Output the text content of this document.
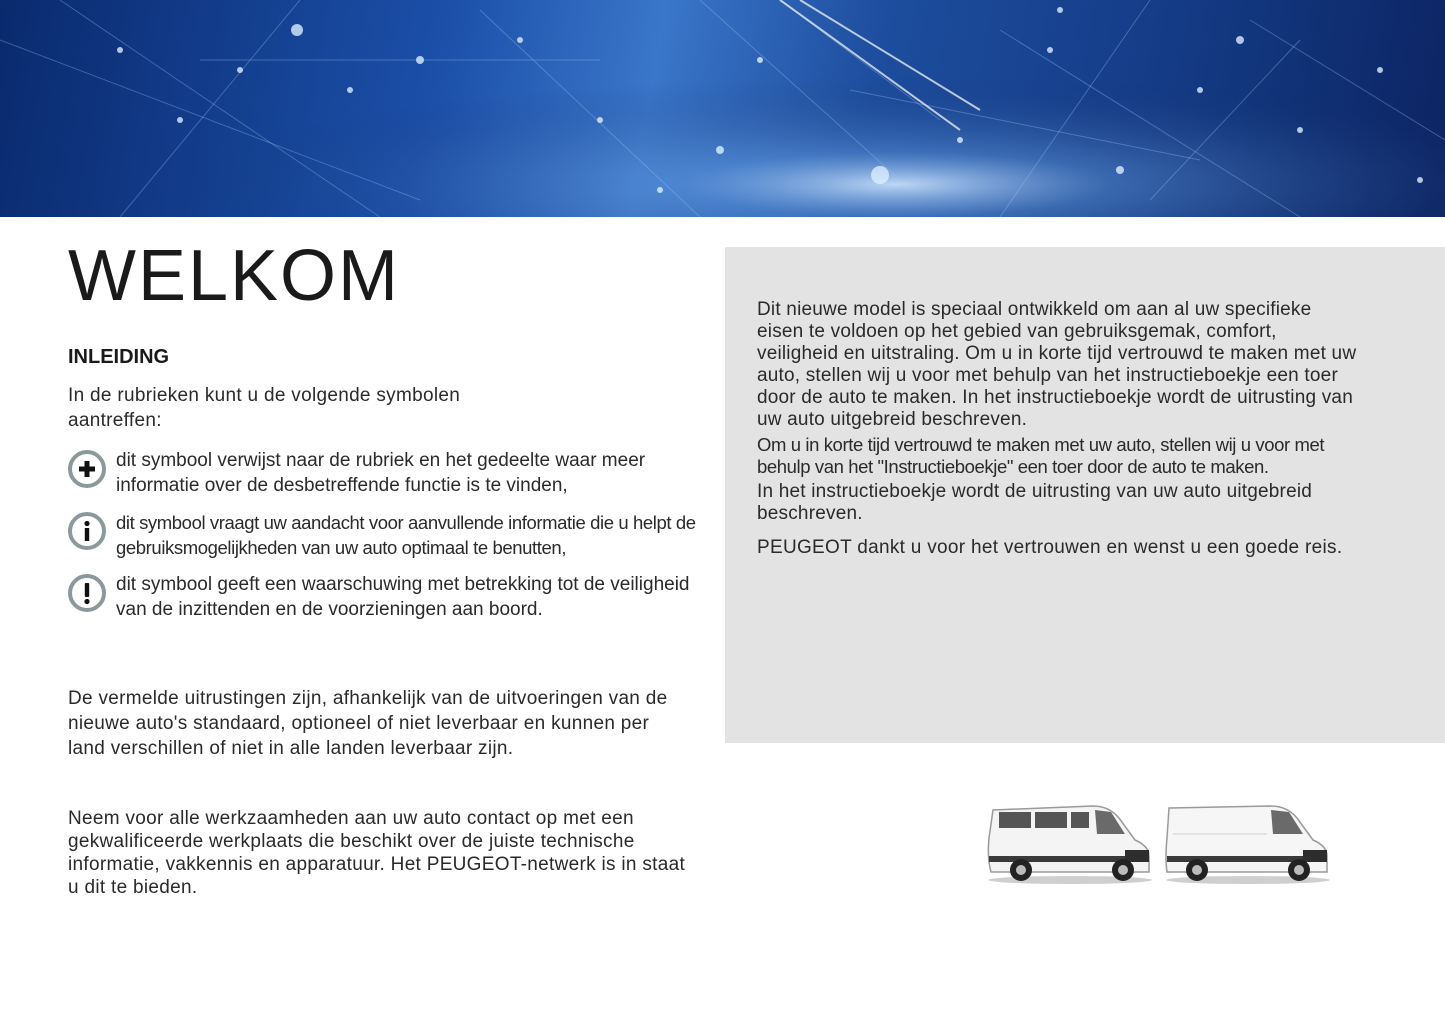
WELKOM
INLEIDING

In de rubrieken kunt u de volgende symbolen aantreffen:

dit symbool verwijst naar de rubriek en het gedeelte waar meer informatie over de desbetreffende functie is te vinden,

dit symbool vraagt uw aandacht voor aanvullende informatie die u helpt de gebruiksmogelijkheden van uw auto optimaal te benutten,

dit symbool geeft een waarschuwing met betrekking tot de veiligheid van de inzittenden en de voorzieningen aan boord.

De vermelde uitrustingen zijn, afhankelijk van de uitvoeringen van de nieuwe auto's standaard, optioneel of niet leverbaar en kunnen per land verschillen of niet in alle landen leverbaar zijn.

Neem voor alle werkzaamheden aan uw auto contact op met een gekwalificeerde werkplaats die beschikt over de juiste technische informatie, vakkennis en apparatuur. Het PEUGEOT-netwerk is in staat u dit te bieden.

Dit nieuwe model is speciaal ontwikkeld om aan al uw specifieke eisen te voldoen op het gebied van gebruiksgemak, comfort, veiligheid en uitstraling. Om u in korte tijd vertrouwd te maken met uw auto, stellen wij u voor met behulp van het instructieboekje een toer door de auto te maken. In het instructieboekje wordt de uitrusting van uw auto uitgebreid beschreven.

Om u in korte tijd vertrouwd te maken met uw auto, stellen wij u voor met behulp van het "Instructieboekje" een toer door de auto te maken.

In het instructieboekje wordt de uitrusting van uw auto uitgebreid beschreven.

PEUGEOT dankt u voor het vertrouwen en wenst u een goede reis.
